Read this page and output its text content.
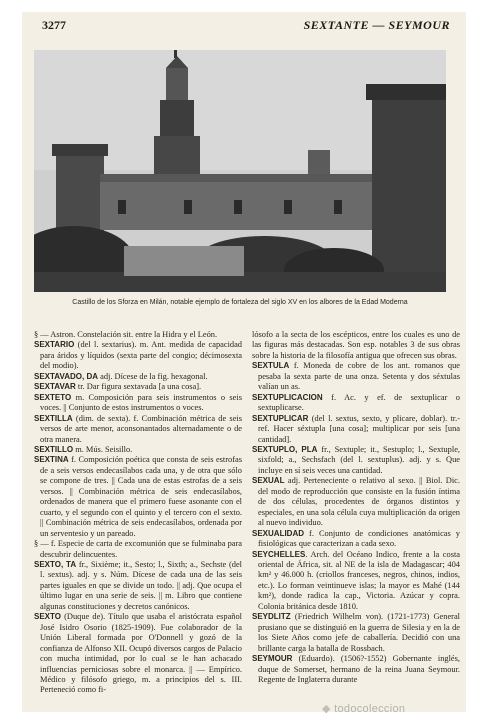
3277	SEXTANTE — SEYMOUR
Castillo de los Sforza en Milán, notable ejemplo de fortaleza del siglo XV en los albores de la Edad Moderna

§ — Astron. Constelación sit. entre la Hidra y el León.

SEXTARIO (del l. sextarius). m. Ant. medida de capacidad para áridos y líquidos (sexta parte del congio; décimosexta del modio).

SEXTAVADO, DA adj. Dícese de la fig. hexagonal.

SEXTAVAR tr. Dar figura sextavada [a una cosa].

SEXTETO m. Composición para seis instrumentos o seis voces. || Conjunto de estos instrumentos o voces.

SEXTILLA (dim. de sexta). f. Combinación métrica de seis versos de arte menor, aconsonantados alternadamente o de otra manera.

SEXTILLO m. Mús. Seisillo.

SEXTINA f. Composición poética que consta de seis estrofas de a seis versos endecasílabos cada una, y de otra que sólo se compone de tres. || Cada una de estas estrofas de a seis versos. || Combinación métrica de seis endecasílabos, ordenados de manera que el primero fuese asonante con el cuarto, y el segundo con el quinto y el tercero con el sexto. || Combinación métrica de seis endecasílabos, ordenada por un serventesio y un pareado.

§ — f. Especie de carta de excomunión que se fulminaba para descubrir delincuentes.

SEXTO, TA fr., Sixième; it., Sesto; l., Sixth; a., Sechste (del l. sextus). adj. y s. Núm. Dícese de cada una de las seis partes iguales en que se divide un todo. || adj. Que ocupa el último lugar en una serie de seis. || m. Libro que contiene algunas constituciones y decretos canónicos.

SEXTO (Duque de). Título que usaba el aristócrata español José Isidro Osorio (1825-1909). Fue colaborador de la Unión Liberal formada por O'Donnell y gozó de la confianza de Alfonso XII. Ocupó diversos cargos de Palacio con mucha intimidad, por lo cual se le han achacado influencias perniciosas sobre el monarca. || — Empírico. Médico y filósofo griego, m. a principios del s. III. Perteneció como fi-

lósofo a la secta de los escépticos, entre los cuales es uno de las figuras más destacadas. Son esp. notables 3 de sus obras sobre la historia de la filosofía antigua que ofrecen sus obras.

SEXTULA f. Moneda de cobre de los ant. romanos que pesaba la sexta parte de una onza. Setenta y dos séxtulas valían un as.

SEXTUPLICACION f. Ac. y ef. de sextuplicar o sextuplicarse.

SEXTUPLICAR (del l. sextus, sexto, y plicare, doblar). tr.-ref. Hacer séxtupla [una cosa]; multiplicar por seis [una cantidad].

SEXTUPLO, PLA fr., Sextuple; it., Sestuplo; l., Sextuple, sixfold; a., Sechsfach (del l. sextuplus). adj. y s. Que incluye en sí seis veces una cantidad.

SEXUAL adj. Perteneciente o relativo al sexo. || Biol. Dic. del modo de reproducción que consiste en la fusión íntima de dos células, procedentes de órganos distintos y especiales, en una sola célula cuya multiplicación da origen al nuevo individuo.

SEXUALIDAD f. Conjunto de condiciones anatómicas y fisiológicas que caracterizan a cada sexo.

SEYCHELLES. Arch. del Océano Indico, frente a la costa oriental de África, sit. al NE de la isla de Madagascar; 404 km² y 46.000 h. (criollos franceses, negros, chinos, indios, etc.). Lo forman veintinueve islas; la mayor es Mahé (144 km²), donde radica la cap., Victoria. Azúcar y copra. Colonia británica desde 1810.

SEYDLITZ (Friedrich Wilhelm von). (1721-1773) General prusiano que se distinguió en la guerra de Silesia y en la de los Siete Años como jefe de caballería. Decidió con una brillante carga la batalla de Rossbach.

SEYMOUR (Eduardo). (1506?-1552) Gobernante inglés, duque de Somerset, hermano de la reina Juana Seymour. Regente de Inglaterra durante

◆ todocoleccion
